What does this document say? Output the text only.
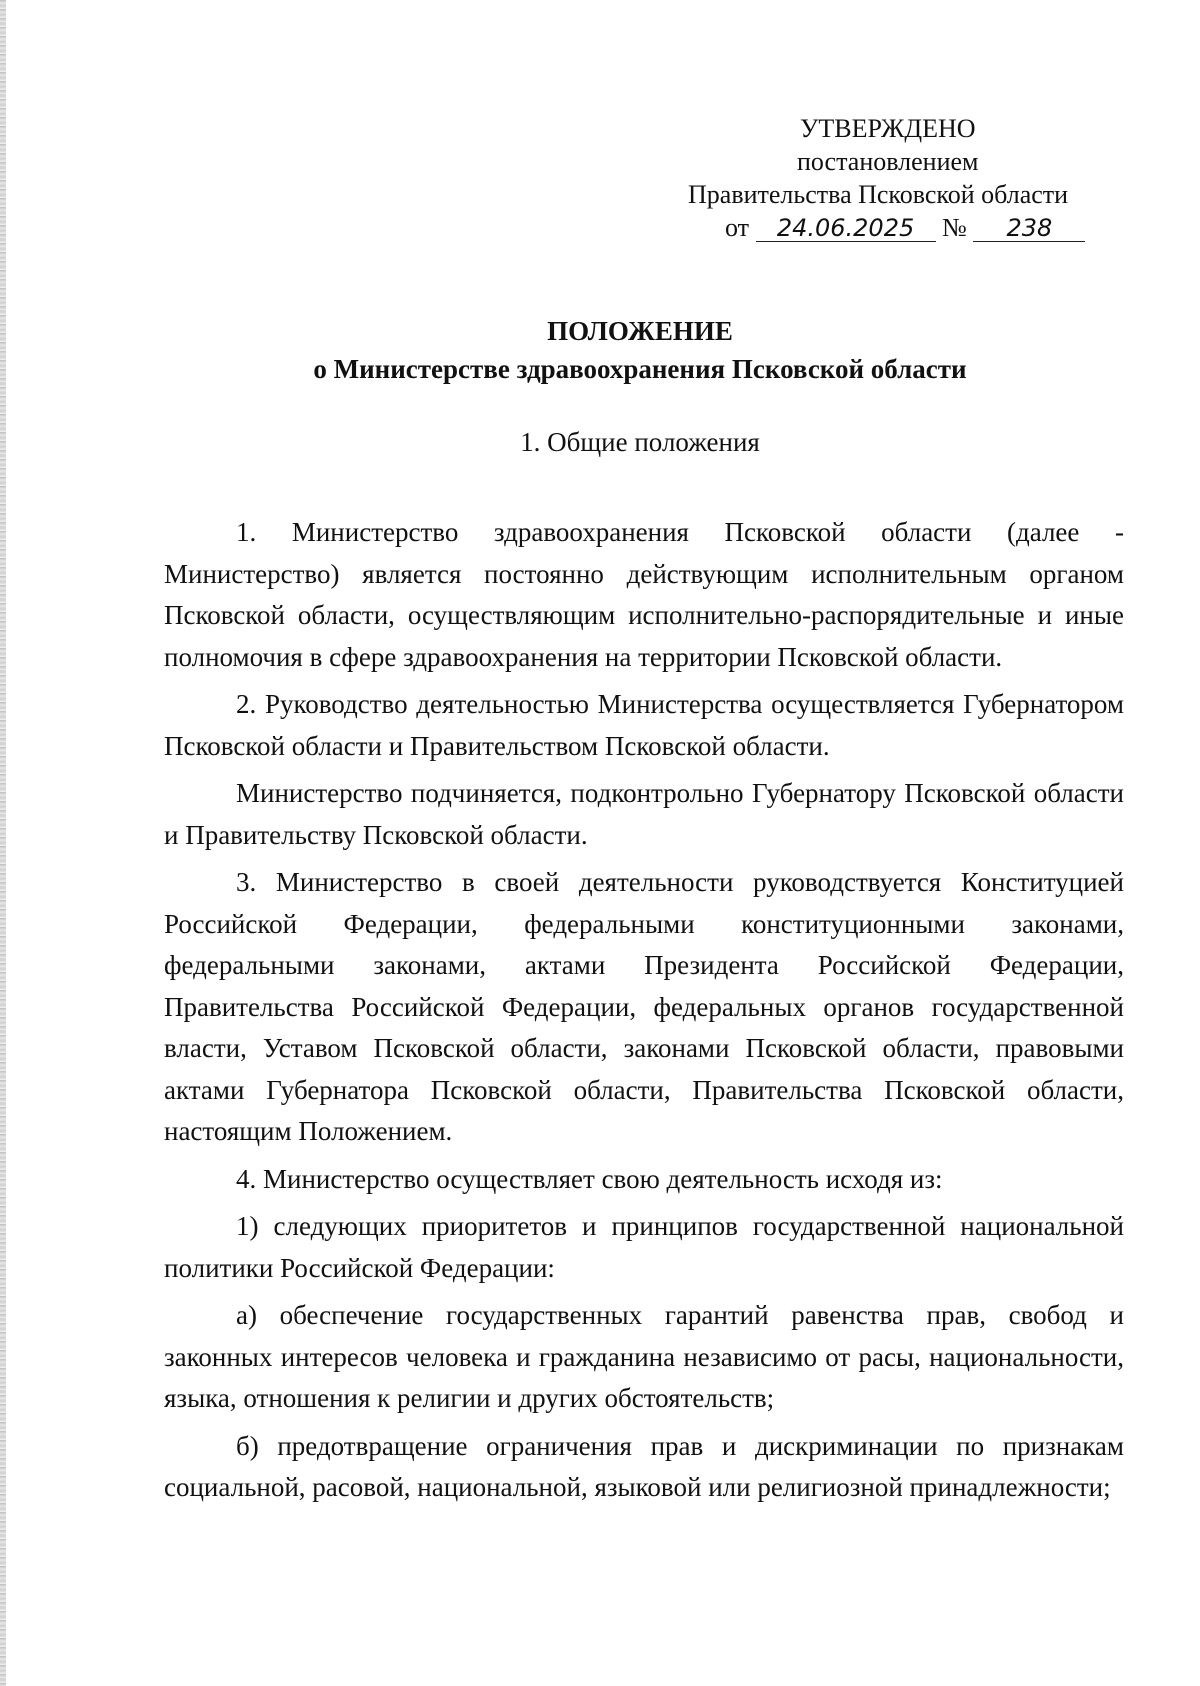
УТВЕРЖДЕНО
постановлением
Правительства Псковской области
от 24.06.2025 № 238
ПОЛОЖЕНИЕ
о Министерстве здравоохранения Псковской области
1. Общие положения

1. Министерство здравоохранения Псковской области (далее - Министерство) является постоянно действующим исполнительным органом Псковской области, осуществляющим исполнительно-распорядительные и иные полномочия в сфере здравоохранения на территории Псковской области.

2. Руководство деятельностью Министерства осуществляется Губернатором Псковской области и Правительством Псковской области.

Министерство подчиняется, подконтрольно Губернатору Псковской области и Правительству Псковской области.

3. Министерство в своей деятельности руководствуется Конституцией Российской Федерации, федеральными конституционными законами, федеральными законами, актами Президента Российской Федерации, Правительства Российской Федерации, федеральных органов государственной власти, Уставом Псковской области, законами Псковской области, правовыми актами Губернатора Псковской области, Правительства Псковской области, настоящим Положением.

4. Министерство осуществляет свою деятельность исходя из:

1) следующих приоритетов и принципов государственной национальной политики Российской Федерации:

а) обеспечение государственных гарантий равенства прав, свобод и законных интересов человека и гражданина независимо от расы, национальности, языка, отношения к религии и других обстоятельств;

б) предотвращение ограничения прав и дискриминации по признакам социальной, расовой, национальной, языковой или религиозной принадлежности;
